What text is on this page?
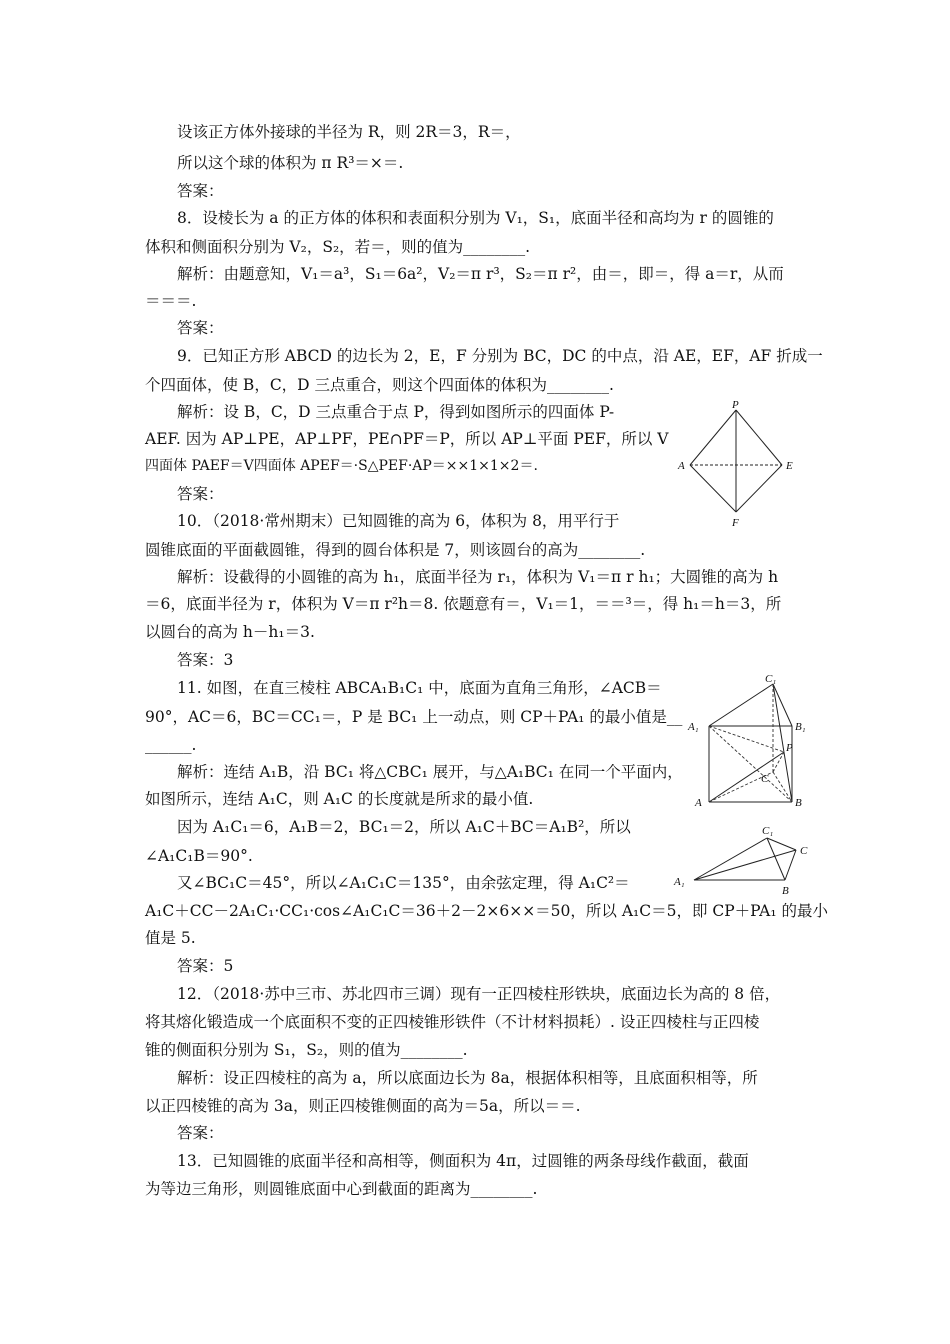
设该正方体外接球的半径为 R，则 2R＝3，R＝，
所以这个球的体积为 π R³＝×＝.
答案：
8．设棱长为 a 的正方体的体积和表面积分别为 V₁，S₁，底面半径和高均为 r 的圆锥的
体积和侧面积分别为 V₂，S₂，若＝，则的值为________.
解析：由题意知，V₁＝a³，S₁＝6a²，V₂＝π r³，S₂＝π r²，由＝，即＝，得 a＝r，从而
＝＝＝.
答案：
9．已知正方形 ABCD 的边长为 2，E，F 分别为 BC，DC 的中点，沿 AE，EF，AF 折成一
个四面体，使 B，C，D 三点重合，则这个四面体的体积为________.
解析：设 B，C，D 三点重合于点 P，得到如图所示的四面体 P-
AEF. 因为 AP⊥PE，AP⊥PF，PE∩PF＝P，所以 AP⊥平面 PEF，所以 V
四面体 PAEF＝V四面体 APEF＝·S△PEF·AP＝××1×1×2＝.
答案：
10．（2018·常州期末）已知圆锥的高为 6，体积为 8，用平行于
圆锥底面的平面截圆锥，得到的圆台体积是 7，则该圆台的高为________.
解析：设截得的小圆锥的高为 h₁，底面半径为 r₁，体积为 V₁＝π r h₁；大圆锥的高为 h
＝6，底面半径为 r，体积为 V＝π r²h＝8. 依题意有＝，V₁＝1，＝＝³＝，得 h₁＝h＝3，所
以圆台的高为 h－h₁＝3.
答案：3
11. 如图，在直三棱柱 ABCA₁B₁C₁ 中，底面为直角三角形，∠ACB＝
90°，AC＝6，BC＝CC₁＝，P 是 BC₁ 上一动点，则 CP＋PA₁ 的最小值是__
______.
解析：连结 A₁B，沿 BC₁ 将△CBC₁ 展开，与△A₁BC₁ 在同一个平面内，
如图所示，连结 A₁C，则 A₁C 的长度就是所求的最小值.
因为 A₁C₁＝6，A₁B＝2，BC₁＝2，所以 A₁C＋BC＝A₁B²，所以
∠A₁C₁B＝90°.
又∠BC₁C＝45°，所以∠A₁C₁C＝135°，由余弦定理，得 A₁C²＝
A₁C＋CC－2A₁C₁·CC₁·cos∠A₁C₁C＝36＋2－2×6××＝50，所以 A₁C＝5，即 CP＋PA₁ 的最小
值是 5.
答案：5
12．（2018·苏中三市、苏北四市三调）现有一正四棱柱形铁块，底面边长为高的 8 倍，
将其熔化锻造成一个底面积不变的正四棱锥形铁件（不计材料损耗）. 设正四棱柱与正四棱
锥的侧面积分别为 S₁，S₂，则的值为________.
解析：设正四棱柱的高为 a，所以底面边长为 8a，根据体积相等，且底面积相等，所
以正四棱锥的高为 3a，则正四棱锥侧面的高为＝5a，所以＝＝.
答案：
13．已知圆锥的底面半径和高相等，侧面积为 4π，过圆锥的两条母线作截面，截面
为等边三角形，则圆锥底面中心到截面的距离为________.
P
A	E
F
C₁
A₁	B₁
P
C
A	B
C₁
C
A₁
B
